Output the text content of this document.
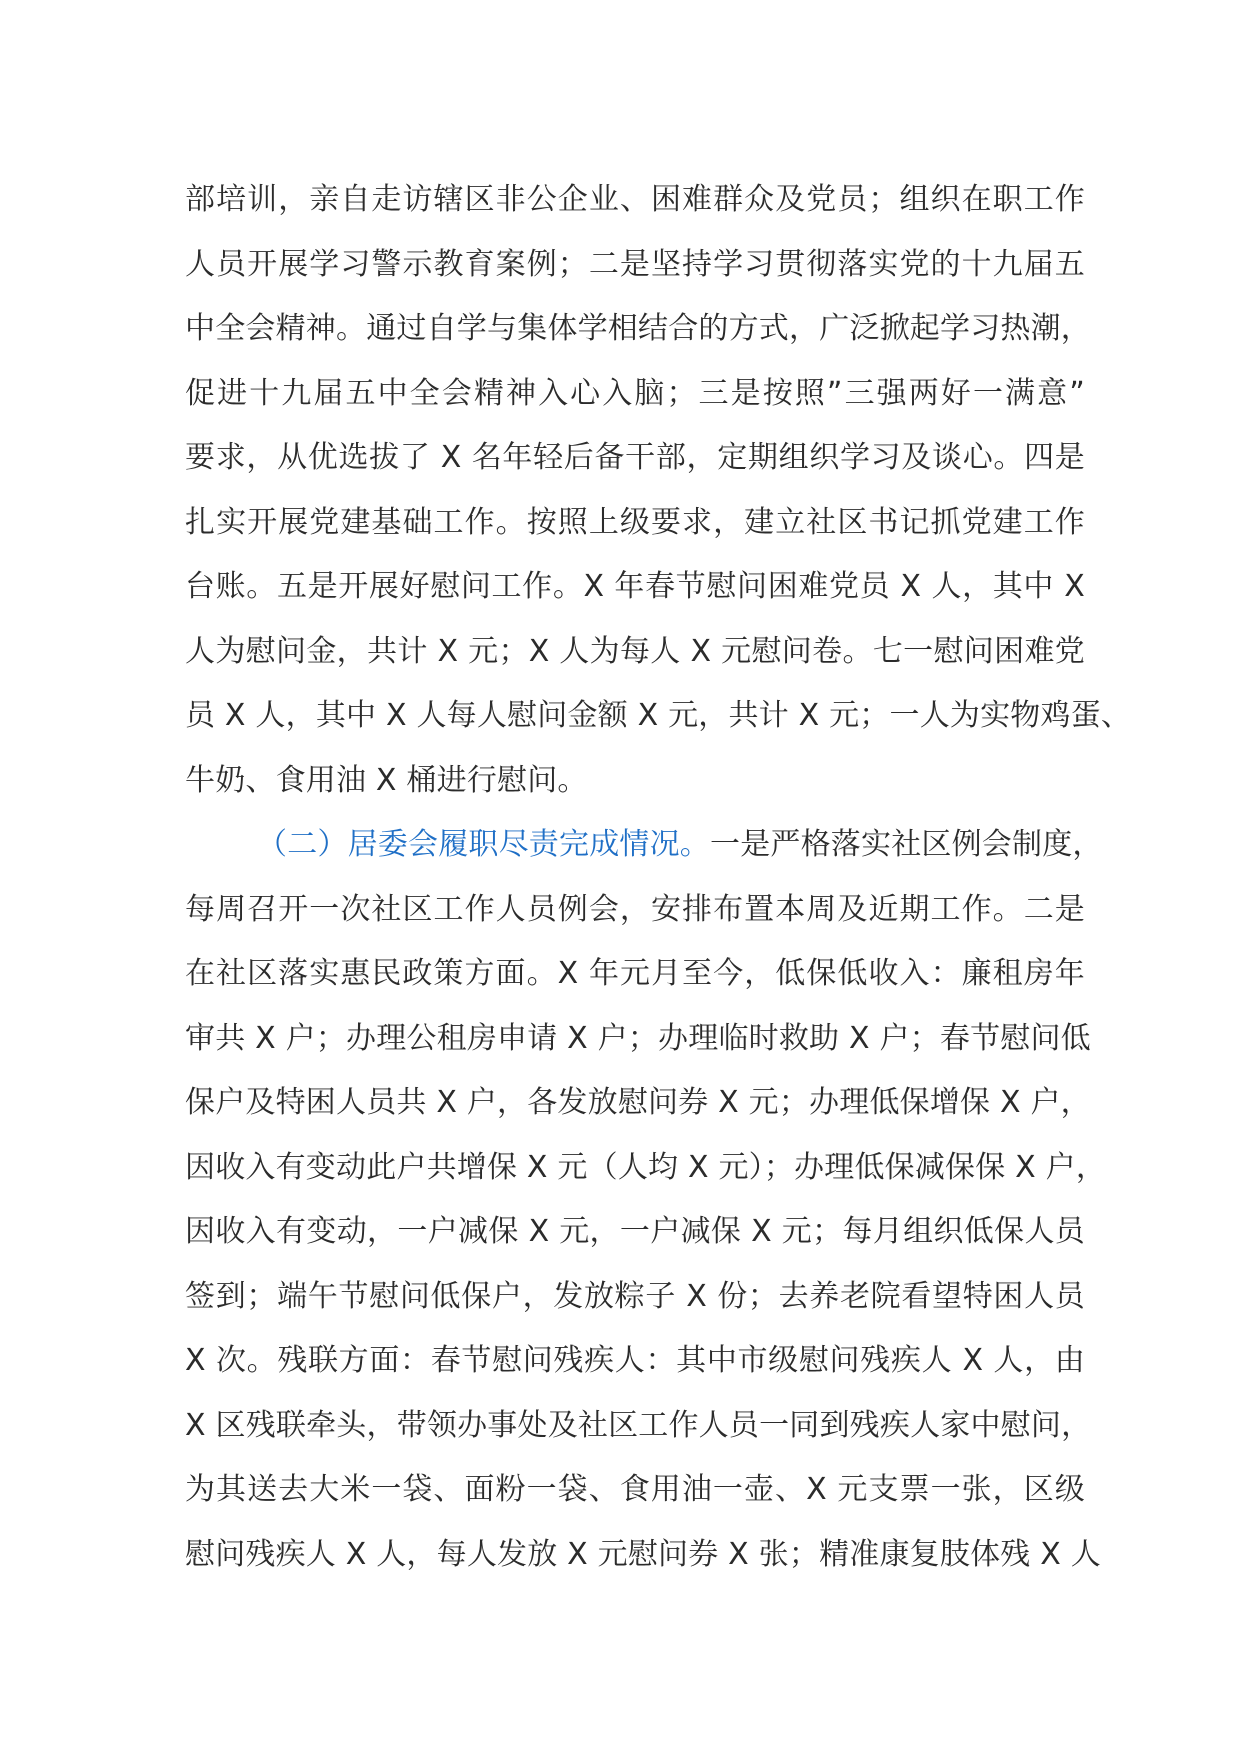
部培训，亲自走访辖区非公企业、困难群众及党员；组织在职工作
人员开展学习警示教育案例；二是坚持学习贯彻落实党的十九届五
中全会精神。通过自学与集体学相结合的方式，广泛掀起学习热潮，
促进十九届五中全会精神入心入脑；三是按照”三强两好一满意”
要求，从优选拔了 X 名年轻后备干部，定期组织学习及谈心。四是
扎实开展党建基础工作。按照上级要求，建立社区书记抓党建工作
台账。五是开展好慰问工作。X 年春节慰问困难党员 X 人，其中 X
人为慰问金，共计 X 元；X 人为每人 X 元慰问卷。七一慰问困难党
员 X 人，其中 X 人每人慰问金额 X 元，共计 X 元；一人为实物鸡蛋、
牛奶、食用油 X 桶进行慰问。
（二）居委会履职尽责完成情况。一是严格落实社区例会制度，
每周召开一次社区工作人员例会，安排布置本周及近期工作。二是
在社区落实惠民政策方面。X 年元月至今，低保低收入：廉租房年
审共 X 户；办理公租房申请 X 户；办理临时救助 X 户；春节慰问低
保户及特困人员共 X 户，各发放慰问券 X 元；办理低保增保 X 户，
因收入有变动此户共增保 X 元（人均 X 元）；办理低保减保保 X 户，
因收入有变动，一户减保 X 元，一户减保 X 元；每月组织低保人员
签到；端午节慰问低保户，发放粽子 X 份；去养老院看望特困人员
X 次。残联方面：春节慰问残疾人：其中市级慰问残疾人 X 人，由
X 区残联牵头，带领办事处及社区工作人员一同到残疾人家中慰问，
为其送去大米一袋、面粉一袋、食用油一壶、X 元支票一张，区级
慰问残疾人 X 人，每人发放 X 元慰问券 X 张；精准康复肢体残 X 人
